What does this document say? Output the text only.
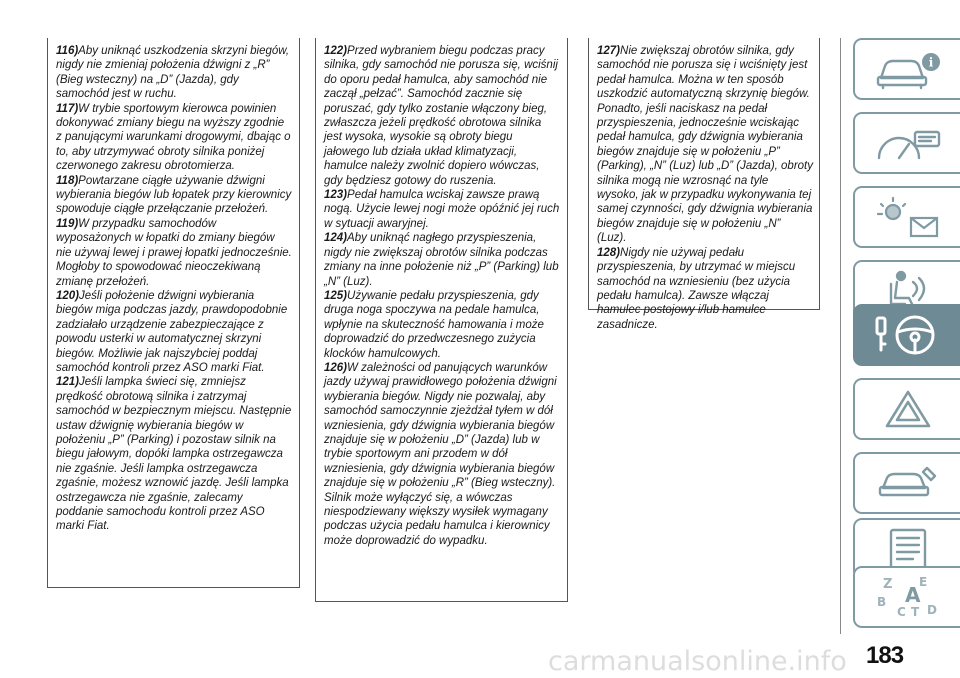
116)Aby uniknąć uszkodzenia skrzyni biegów, nigdy nie zmieniaj położenia dźwigni z „R” (Bieg wsteczny) na „D” (Jazda), gdy samochód jest w ruchu.

117)W trybie sportowym kierowca powinien dokonywać zmiany biegu na wyższy zgodnie z panującymi warunkami drogowymi, dbając o to, aby utrzymywać obroty silnika poniżej czerwonego zakresu obrotomierza.

118)Powtarzane ciągłe używanie dźwigni wybierania biegów lub łopatek przy kierownicy spowoduje ciągłe przełączanie przełożeń.

119)W przypadku samochodów wyposażonych w łopatki do zmiany biegów nie używaj lewej i prawej łopatki jednocześnie. Mogłoby to spowodować nieoczekiwaną zmianę przełożeń.

120)Jeśli położenie dźwigni wybierania biegów miga podczas jazdy, prawdopodobnie zadziałało urządzenie zabezpieczające z powodu usterki w automatycznej skrzyni biegów. Możliwie jak najszybciej poddaj samochód kontroli przez ASO marki Fiat.

121)Jeśli lampka świeci się, zmniejsz prędkość obrotową silnika i zatrzymaj samochód w bezpiecznym miejscu. Następnie ustaw dźwignię wybierania biegów w położeniu „P” (Parking) i pozostaw silnik na biegu jałowym, dopóki lampka ostrzegawcza nie zgaśnie. Jeśli lampka ostrzegawcza zgaśnie, możesz wznowić jazdę. Jeśli lampka ostrzegawcza nie zgaśnie, zalecamy poddanie samochodu kontroli przez ASO marki Fiat.

122)Przed wybraniem biegu podczas pracy silnika, gdy samochód nie porusza się, wciśnij do oporu pedał hamulca, aby samochód nie zaczął „pełzać”. Samochód zacznie się poruszać, gdy tylko zostanie włączony bieg, zwłaszcza jeżeli prędkość obrotowa silnika jest wysoka, wysokie są obroty biegu jałowego lub działa układ klimatyzacji, hamulce należy zwolnić dopiero wówczas, gdy będziesz gotowy do ruszenia.

123)Pedał hamulca wciskaj zawsze prawą nogą. Użycie lewej nogi może opóźnić jej ruch w sytuacji awaryjnej.

124)Aby uniknąć nagłego przyspieszenia, nigdy nie zwiększaj obrotów silnika podczas zmiany na inne położenie niż „P” (Parking) lub „N” (Luz).

125)Używanie pedału przyspieszenia, gdy druga noga spoczywa na pedale hamulca, wpłynie na skuteczność hamowania i może doprowadzić do przedwczesnego zużycia klocków hamulcowych.

126)W zależności od panujących warunków jazdy używaj prawidłowego położenia dźwigni wybierania biegów. Nigdy nie pozwalaj, aby samochód samoczynnie zjeżdżał tyłem w dół wzniesienia, gdy dźwignia wybierania biegów znajduje się w położeniu „D” (Jazda) lub w trybie sportowym ani przodem w dół wzniesienia, gdy dźwignia wybierania biegów znajduje się w położeniu „R” (Bieg wsteczny). Silnik może wyłączyć się, a wówczas niespodziewany większy wysiłek wymagany podczas użycia pedału hamulca i kierownicy może doprowadzić do wypadku.

127)Nie zwiększaj obrotów silnika, gdy samochód nie porusza się i wciśnięty jest pedał hamulca. Można w ten sposób uszkodzić automatyczną skrzynię biegów. Ponadto, jeśli naciskasz na pedał przyspieszenia, jednocześnie wciskając pedał hamulca, gdy dźwignia wybierania biegów znajduje się w położeniu „P” (Parking), „N” (Luz) lub „D” (Jazda), obroty silnika mogą nie wzrosnąć na tyle wysoko, jak w przypadku wykonywania tej samej czynności, gdy dźwignia wybierania biegów znajduje się w położeniu „N” (Luz).

128)Nigdy nie używaj pedału przyspieszenia, by utrzymać w miejscu samochód na wzniesieniu (bez użycia pedału hamulca). Zawsze włączaj hamulec postojowy i/lub hamulce zasadnicze.

i
Z E
B
C T D
A
183
carmanualsonline.info
